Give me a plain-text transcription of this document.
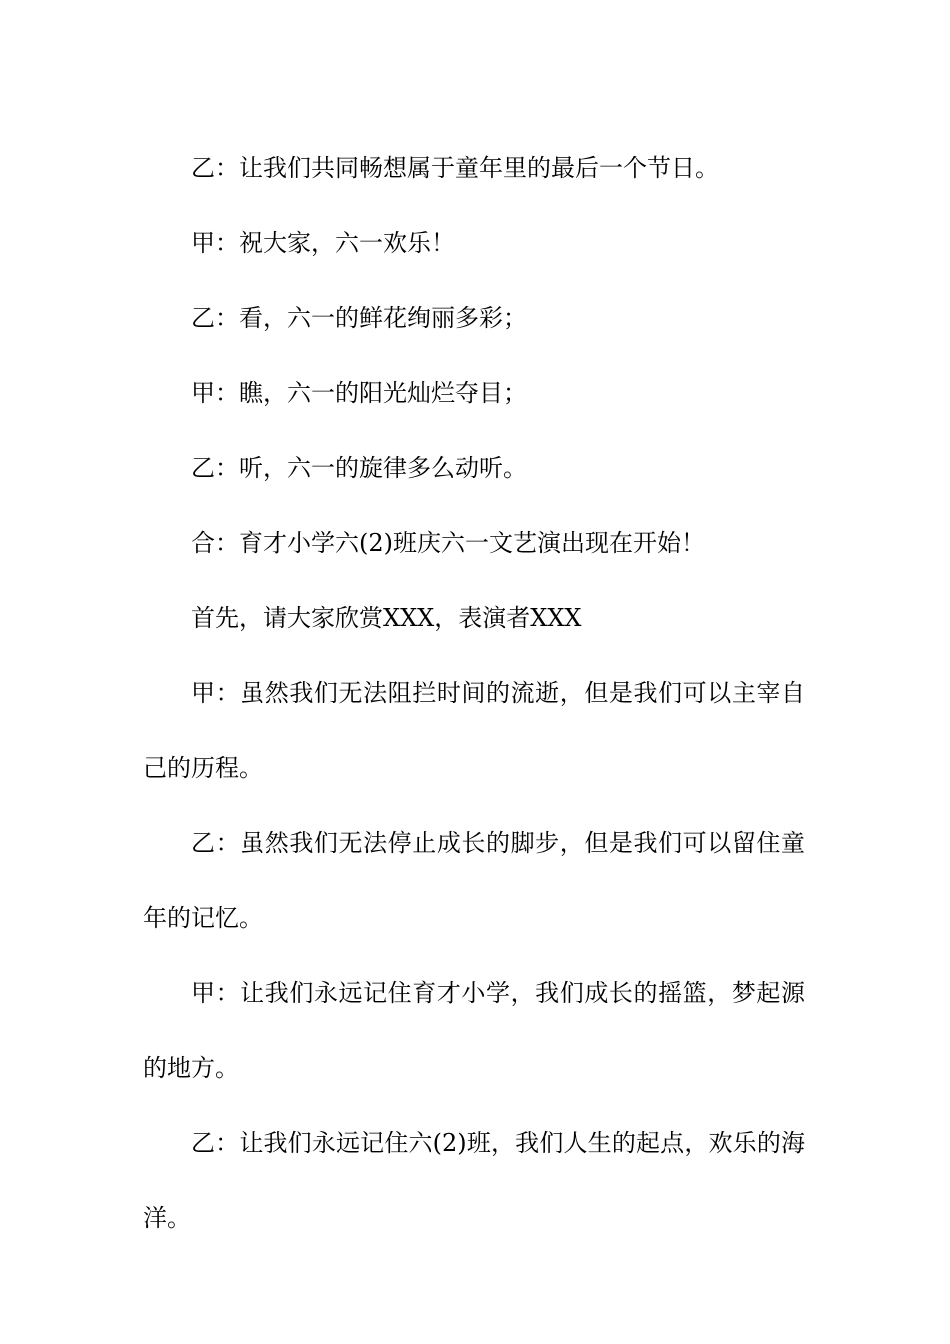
乙：让我们共同畅想属于童年里的最后一个节日。

甲：祝大家，六一欢乐！

乙：看，六一的鲜花绚丽多彩；

甲：瞧，六一的阳光灿烂夺目；

乙：听，六一的旋律多么动听。

合：育才小学六(2)班庆六一文艺演出现在开始！

首先，请大家欣赏XXX，表演者XXX

甲：虽然我们无法阻拦时间的流逝，但是我们可以主宰自己的历程。

乙：虽然我们无法停止成长的脚步，但是我们可以留住童年的记忆。

甲：让我们永远记住育才小学，我们成长的摇篮，梦起源的地方。

乙：让我们永远记住六(2)班，我们人生的起点，欢乐的海洋。
